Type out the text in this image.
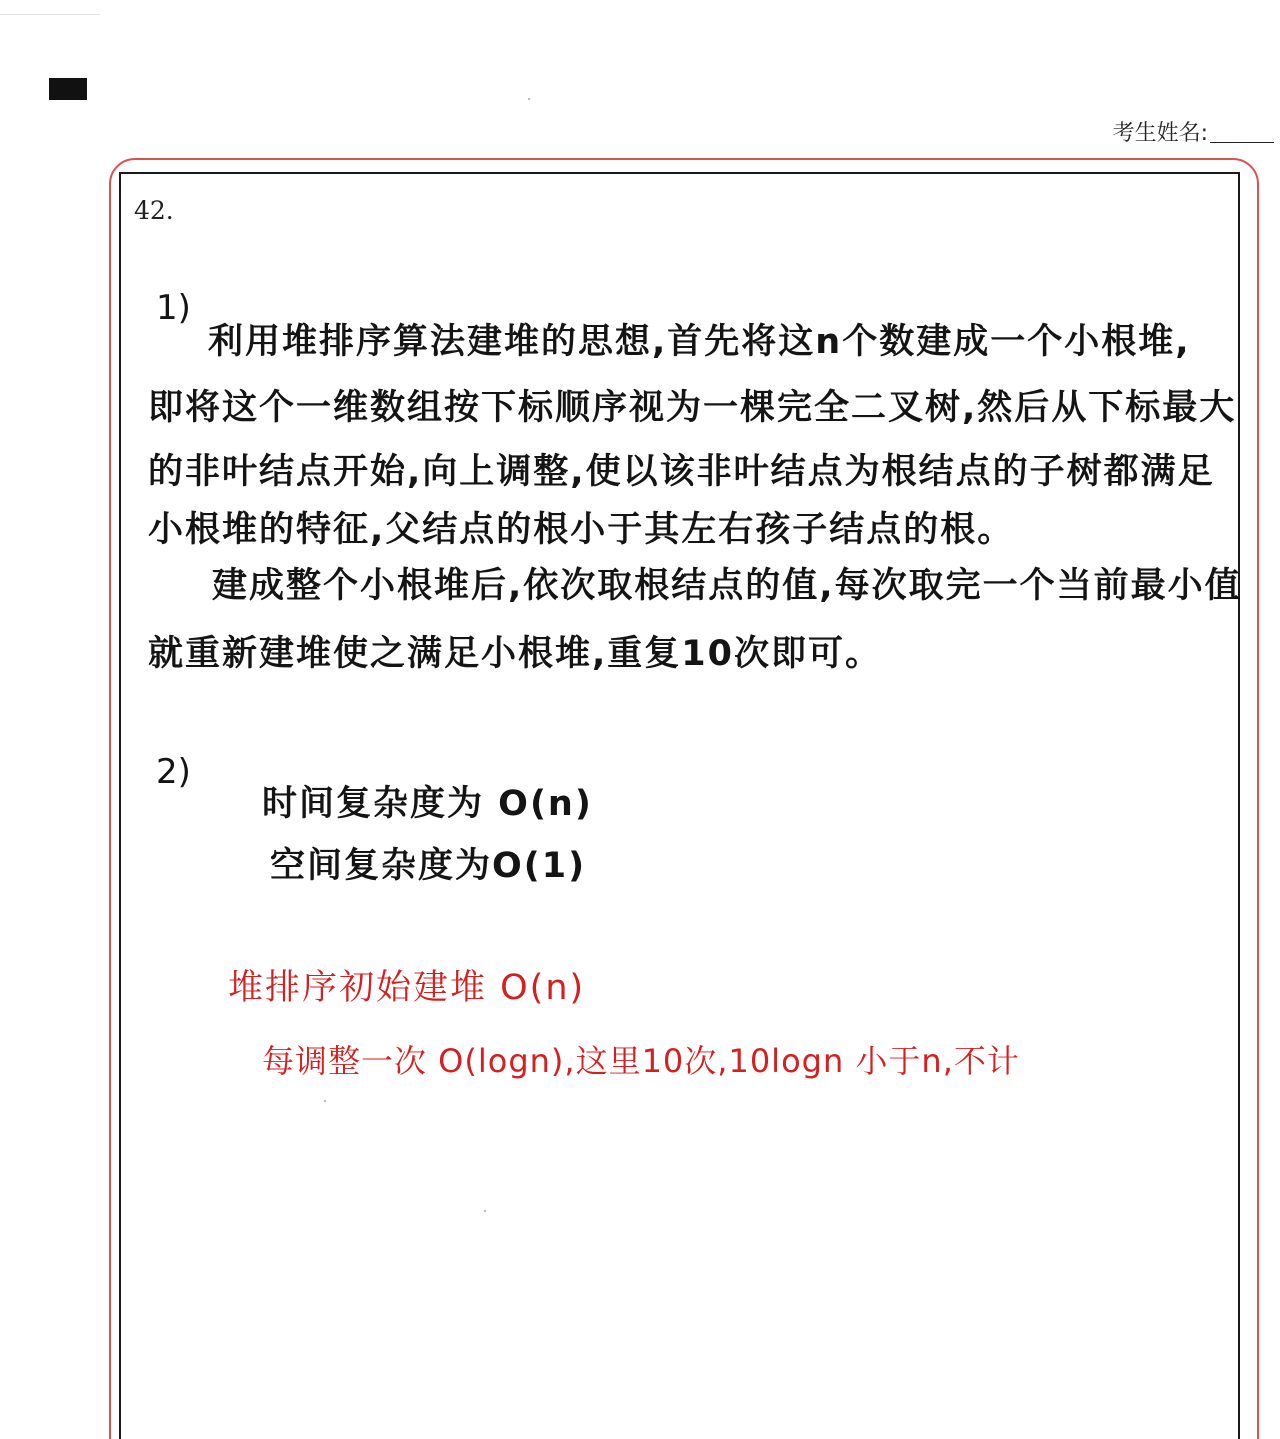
考生姓名:
42.
1)
利用堆排序算法建堆的思想,首先将这n个数建成一个小根堆,
即将这个一维数组按下标顺序视为一棵完全二叉树,然后从下标最大
的非叶结点开始,向上调整,使以该非叶结点为根结点的子树都满足
小根堆的特征,父结点的根小于其左右孩子结点的根。
建成整个小根堆后,依次取根结点的值,每次取完一个当前最小值
就重新建堆使之满足小根堆,重复10次即可。
2)
时间复杂度为 O(n)
空间复杂度为O(1)
堆排序初始建堆 O(n)
每调整一次 O(logn),这里10次,10logn 小于n,不计
